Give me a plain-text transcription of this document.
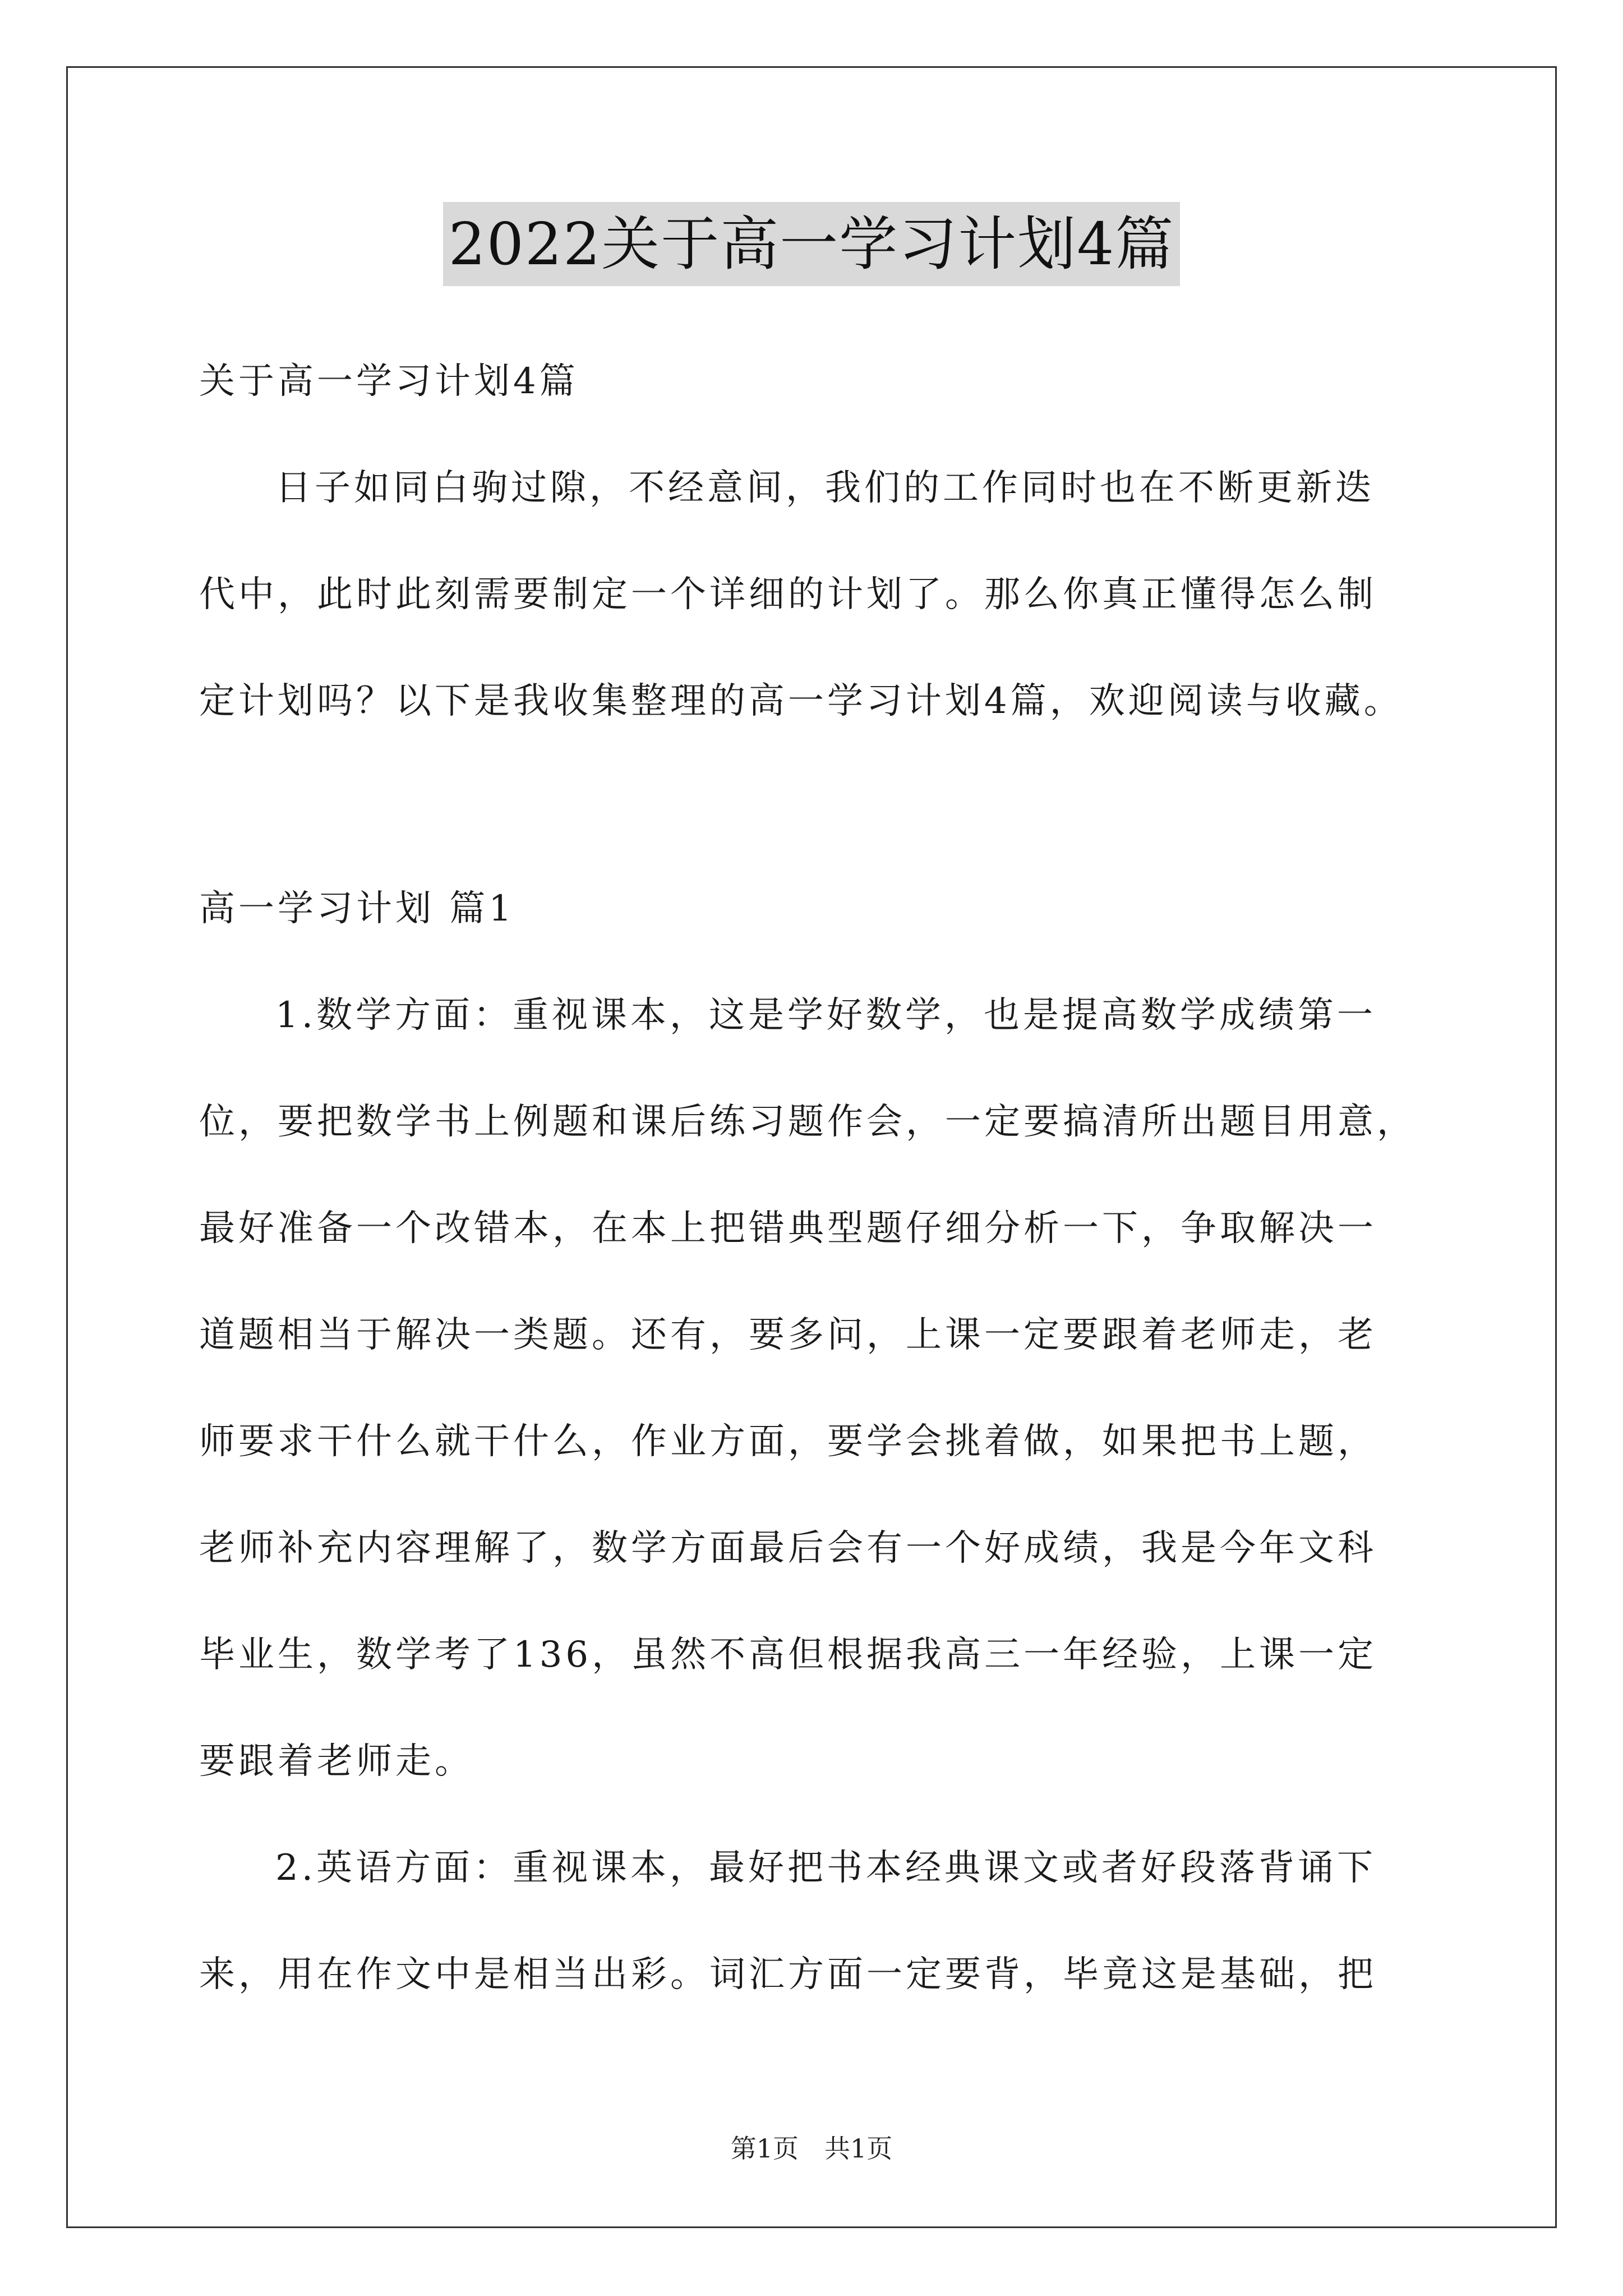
2022关于高一学习计划4篇
关于高一学习计划4篇
日子如同白驹过隙，不经意间，我们的工作同时也在不断更新迭
代中，此时此刻需要制定一个详细的计划了。那么你真正懂得怎么制
定计划吗？以下是我收集整理的高一学习计划4篇，欢迎阅读与收藏。
高一学习计划 篇1
1.数学方面：重视课本，这是学好数学，也是提高数学成绩第一
位，要把数学书上例题和课后练习题作会，一定要搞清所出题目用意，
最好准备一个改错本，在本上把错典型题仔细分析一下，争取解决一
道题相当于解决一类题。还有，要多问，上课一定要跟着老师走，老
师要求干什么就干什么，作业方面，要学会挑着做，如果把书上题，
老师补充内容理解了，数学方面最后会有一个好成绩，我是今年文科
毕业生，数学考了136，虽然不高但根据我高三一年经验，上课一定
要跟着老师走。
2.英语方面：重视课本，最好把书本经典课文或者好段落背诵下
来，用在作文中是相当出彩。词汇方面一定要背，毕竟这是基础，把
第1页　共1页
